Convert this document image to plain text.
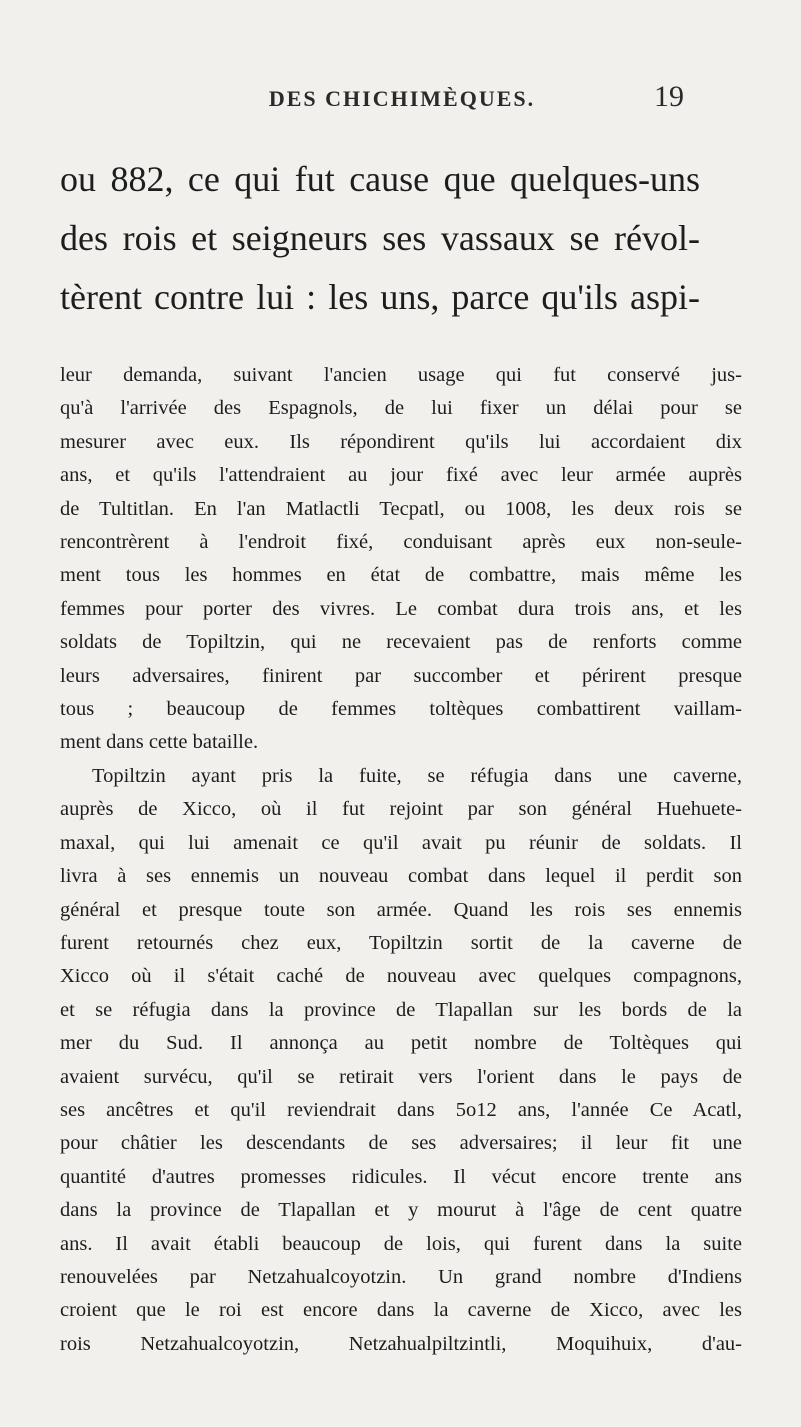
DES CHICHIMÈQUES.	19
ou 882, ce qui fut cause que quelques-uns
des rois et seigneurs ses vassaux se révol-
tèrent contre lui : les uns, parce qu'ils aspi-
leur demanda, suivant l'ancien usage qui fut conservé jus-
qu'à l'arrivée des Espagnols, de lui fixer un délai pour se
mesurer avec eux. Ils répondirent qu'ils lui accordaient dix
ans, et qu'ils l'attendraient au jour fixé avec leur armée auprès
de Tultitlan. En l'an Matlactli Tecpatl, ou 1008, les deux rois se
rencontrèrent à l'endroit fixé, conduisant après eux non-seule-
ment tous les hommes en état de combattre, mais même les
femmes pour porter des vivres. Le combat dura trois ans, et les
soldats de Topiltzin, qui ne recevaient pas de renforts comme
leurs adversaires, finirent par succomber et périrent presque
tous ; beaucoup de femmes toltèques combattirent vaillam-
ment dans cette bataille.
Topiltzin ayant pris la fuite, se réfugia dans une caverne,
auprès de Xicco, où il fut rejoint par son général Huehuete-
maxal, qui lui amenait ce qu'il avait pu réunir de soldats. Il
livra à ses ennemis un nouveau combat dans lequel il perdit son
général et presque toute son armée. Quand les rois ses ennemis
furent retournés chez eux, Topiltzin sortit de la caverne de
Xicco où il s'était caché de nouveau avec quelques compagnons,
et se réfugia dans la province de Tlapallan sur les bords de la
mer du Sud. Il annonça au petit nombre de Toltèques qui
avaient survécu, qu'il se retirait vers l'orient dans le pays de
ses ancêtres et qu'il reviendrait dans 5o12 ans, l'année Ce Acatl,
pour châtier les descendants de ses adversaires; il leur fit une
quantité d'autres promesses ridicules. Il vécut encore trente ans
dans la province de Tlapallan et y mourut à l'âge de cent quatre
ans. Il avait établi beaucoup de lois, qui furent dans la suite
renouvelées par Netzahualcoyotzin. Un grand nombre d'Indiens
croient que le roi est encore dans la caverne de Xicco, avec les
rois Netzahualcoyotzin, Netzahualpiltzintli, Moquihuix, d'au-
